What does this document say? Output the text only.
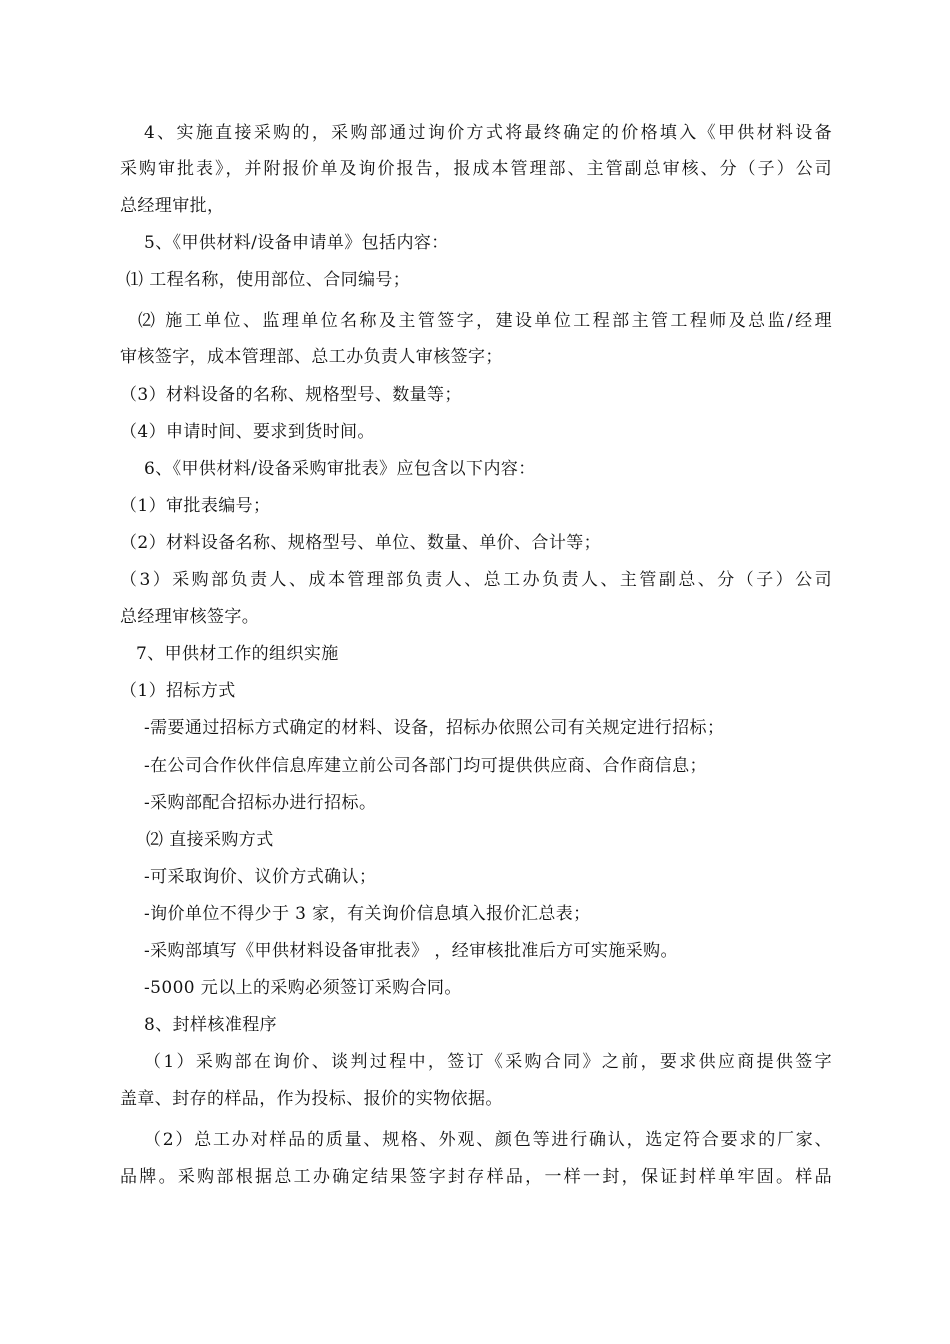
4、实施直接采购的，采购部通过询价方式将最终确定的价格填入《甲供材料设备
采购审批表》，并附报价单及询价报告，报成本管理部、主管副总审核、分（子）公司
总经理审批，
5、《甲供材料/设备申请单》包括内容：
⑴ 工程名称，使用部位、合同编号；
⑵ 施工单位、监理单位名称及主管签字，建设单位工程部主管工程师及总监/经理
审核签字，成本管理部、总工办负责人审核签字；
（3）材料设备的名称、规格型号、数量等；
（4）申请时间、要求到货时间。
6、《甲供材料/设备采购审批表》应包含以下内容：
（1）审批表编号；
（2）材料设备名称、规格型号、单位、数量、单价、合计等；
（3）采购部负责人、成本管理部负责人、总工办负责人、主管副总、分（子）公司
总经理审核签字。
7、甲供材工作的组织实施
（1）招标方式
-需要通过招标方式确定的材料、设备，招标办依照公司有关规定进行招标；
-在公司合作伙伴信息库建立前公司各部门均可提供供应商、合作商信息；
-采购部配合招标办进行招标。
⑵ 直接采购方式
-可采取询价、议价方式确认；
-询价单位不得少于 3 家，有关询价信息填入报价汇总表；
-采购部填写《甲供材料设备审批表》 ，经审核批准后方可实施采购。
-5000 元以上的采购必须签订采购合同。
8、封样核准程序
（1）采购部在询价、谈判过程中，签订《采购合同》之前，要求供应商提供签字
盖章、封存的样品，作为投标、报价的实物依据。
（2）总工办对样品的质量、规格、外观、颜色等进行确认，选定符合要求的厂家、
品牌。采购部根据总工办确定结果签字封存样品，一样一封，保证封样单牢固。样品
